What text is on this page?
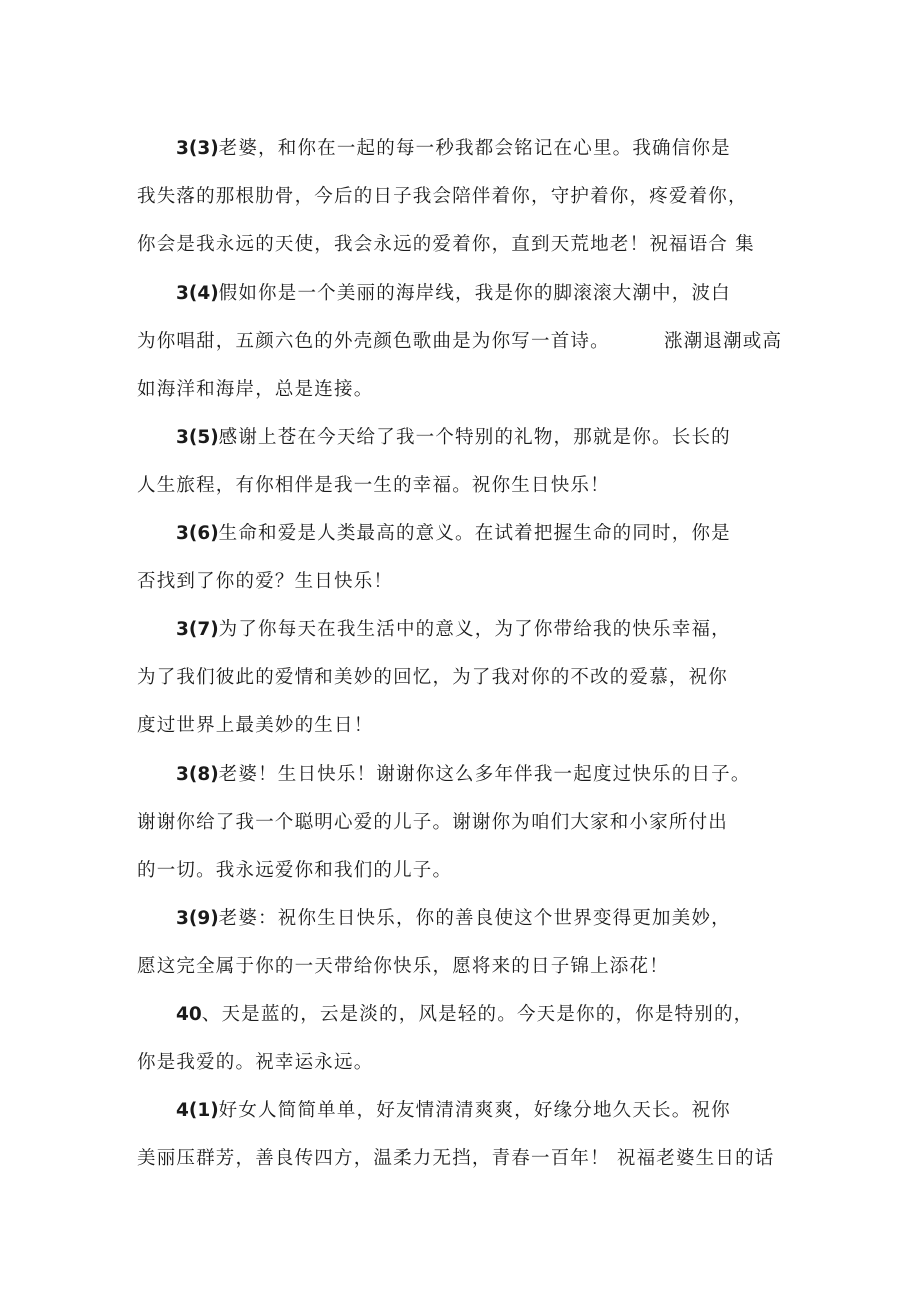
3(3)老婆，和你在一起的每一秒我都会铭记在心里。我确信你是
我失落的那根肋骨，今后的日子我会陪伴着你，守护着你，疼爱着你，
你会是我永远的天使，我会永远的爱着你，直到天荒地老！祝福语合 集
3(4)假如你是一个美丽的海岸线，我是你的脚滚滚大潮中，波白
为你唱甜，五颜六色的外壳颜色歌曲是为你写一首诗。	涨潮退潮或高
如海洋和海岸，总是连接。
3(5)感谢上苍在今天给了我一个特别的礼物，那就是你。长长的
人生旅程，有你相伴是我一生的幸福。祝你生日快乐！
3(6)生命和爱是人类最高的意义。在试着把握生命的同时，你是
否找到了你的爱？生日快乐！
3(7)为了你每天在我生活中的意义，为了你带给我的快乐幸福，
为了我们彼此的爱情和美妙的回忆，为了我对你的不改的爱慕，祝你
度过世界上最美妙的生日！
3(8)老婆！生日快乐！谢谢你这么多年伴我一起度过快乐的日子。
谢谢你给了我一个聪明心爱的儿子。谢谢你为咱们大家和小家所付出
的一切。我永远爱你和我们的儿子。
3(9)老婆：祝你生日快乐，你的善良使这个世界变得更加美妙，
愿这完全属于你的一天带给你快乐，愿将来的日子锦上添花！
40、天是蓝的，云是淡的，风是轻的。今天是你的，你是特别的，
你是我爱的。祝幸运永远。
4(1)好女人简简单单，好友情清清爽爽，好缘分地久天长。祝你
美丽压群芳，善良传四方，温柔力无挡，青春一百年！ 祝福老婆生日的话
